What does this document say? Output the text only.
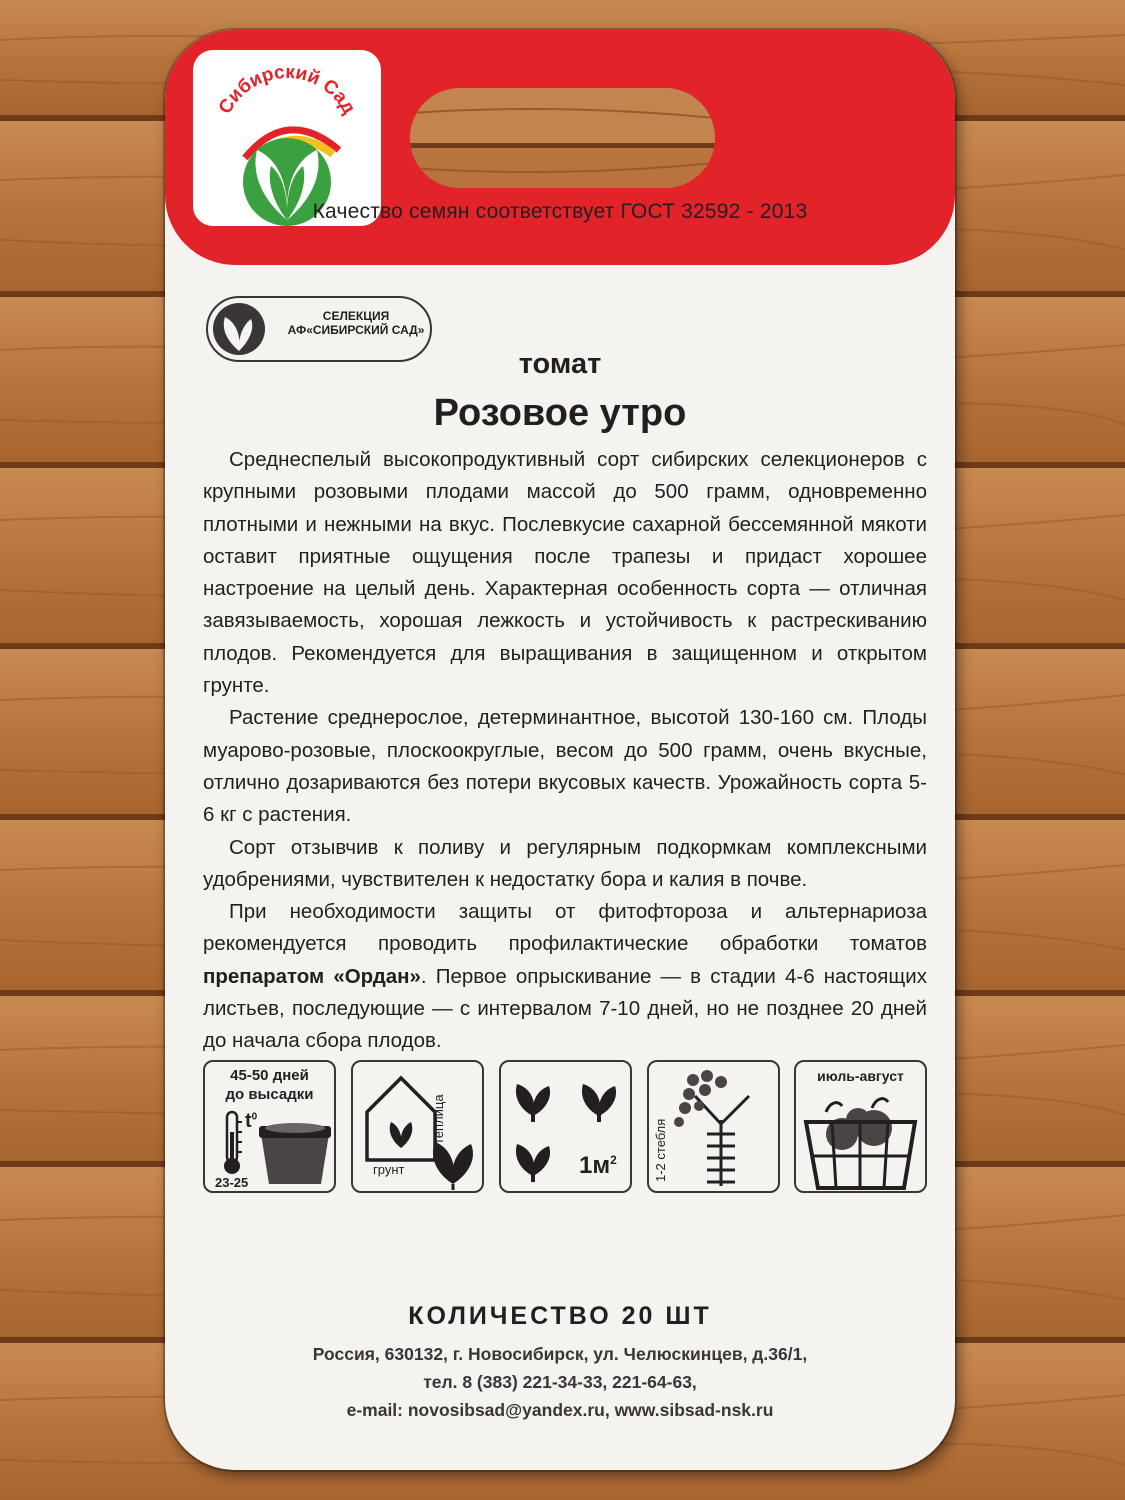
Сибирский Сад
Качество семян соответствует ГОСТ 32592 - 2013
СЕЛЕКЦИЯ
АФ«СИБИРСКИЙ САД»
томат
Розовое утро

Среднеспелый высокопродуктивный сорт сибирских селекционеров с крупными розовыми плодами массой до 500 грамм, одновременно плотными и нежными на вкус. Послевкусие сахарной бессемянной мякоти оставит приятные ощущения после трапезы и придаст хорошее настроение на целый день. Характерная особенность сорта — отличная завязываемость, хорошая лежкость и устойчивость к растрескиванию плодов. Рекомендуется для выращивания в защищенном и открытом грунте.

Растение среднерослое, детерминантное, высотой 130-160 см. Плоды муарово-розовые, плоскоокруглые, весом до 500 грамм, очень вкусные, отлично дозариваются без потери вкусовых качеств. Урожайность сорта 5-6 кг с растения.

Сорт отзывчив к поливу и регулярным подкормкам комплексными удобрениями, чувствителен к недостатку бора и калия в почве.

При необходимости защиты от фитофтороза и альтернариоза рекомендуется проводить профилактические обработки томатов препаратом «Ордан». Первое опрыскивание — в стадии 4-6 настоящих листьев, последующие — с интервалом 7-10 дней, но не позднее 20 дней до начала сбора плодов.

45-50 дней
до высадки
$t^0$
23-25
теплица
грунт	$1м^2$	1-2 стебля
июль-август
КОЛИЧЕСТВО 20 ШТ
Россия, 630132, г. Новосибирск, ул. Челюскинцев, д.36/1,
тел. 8 (383) 221-34-33, 221-64-63,
e-mail: novosibsad@yandex.ru, www.sibsad-nsk.ru
